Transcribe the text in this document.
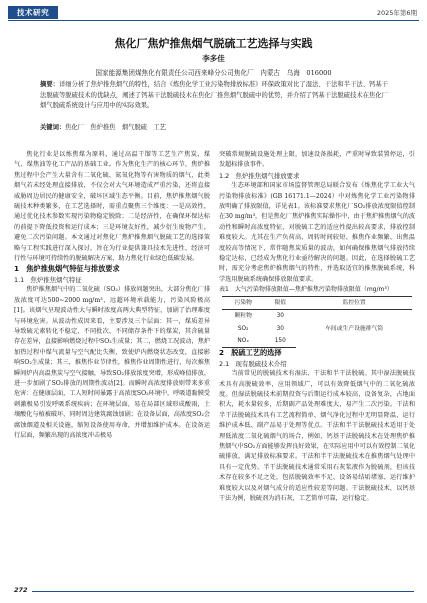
技术研究	2025年第6期
焦化厂焦炉推焦烟气脱硫工艺选择与实践
李多佳
国家能源集团煤焦化有限责任公司西来峰分公司焦化厂　内蒙古　乌海　016000
摘要：详细分析了焦炉推焦烟气的特性，结合《炼焦化学工业污染物排放标准》环保政策对比了湿法、干法和半干法、钙基干法脱硫等脱硫技术的优缺点，阐述了钙基干法脱硫技术在焦化厂推焦烟气脱硫中的优势，并介绍了钙基干法脱硫技术在焦化厂烟气脱硫系统设计与应用中的实际效果。
关键词：焦化厂　焦炉推焦　烟气脱硫　工艺

焦化行业是以炼焦煤为原料，通过高温干馏等工艺生产焦炭、煤气、煤焦油等化工产品的基础工业。作为焦化生产的核心环节，焦炉推焦过程中会产生大量含有二氧化硫、氮氧化物等有害物质的烟气，此类烟气若未经处理直接排放，不仅会对大气环境造成严重污染，还将直接威胁周边居民的健康安全，破坏区域生态平衡。目前，焦炉推焦烟气脱硫技术种类繁多，在工艺选择时，需重点聚焦三个维度：一是高效性，通过优化技术参数实现污染物稳定脱除；二是经济性，在确保环保达标的前提下降低投资和运行成本；三是环境友好性，减少衍生废物产生，避免二次污染问题。本文通过对焦化厂焦炉推焦烟气脱硫工艺的选择策略与工程实践进行深入探讨，旨在为行业提供兼具技术先进性、经济可行性与环境可持续性的脱硫解决方案，助力焦化行业绿色低碳发展。

1　焦炉推焦烟气特征与排放要求

1.1　焦炉推焦烟气特征

焦炉推焦烟气中的二氧化硫（SO₂）排放问题突出，大部分焦化厂排放浓度可达500~2000 mg/m³，远超环境承载能力，污染风险极高[1]。该烟气呈现波动性大与瞬时浓度高两大典型特征，加剧了治理难度与环境危害。从波动性成因来看，主要涉及三个层面：其一，煤质差异导致硫元素转化不稳定，不同批次、不同储存条件下的煤炭，其含硫量存在差异，直接影响燃烧过程中SO₂生成量；其二，燃烧工况波动，焦炉加热过程中煤气流量与空气配比失衡，致使炉内燃烧状态改变，直接影响SO₂生成量；其三，推焦作业节律性，推焦作业周期性进行，每次推焦瞬间炉内高温焦炭与空气接触，导致SO₂排放浓度突增，形成峰值排放，进一步加剧了SO₂排放的周期性波动[2]。而瞬时高浓度排放则带来多重危害：在健康层面，工人短时间暴露于高浓度SO₂环境中，呼吸道黏膜受刺激极易引发呼吸系统疾病；在环境层面，易在局部区域形成酸雨，土壤酸化与植被破坏，同时周边建筑腐蚀加剧；在设备层面，高浓度SO₂会腐蚀烟道及相关设施，缩短设备使用寿命，并增加维护成本。在设备运行层面，频繁出现的高浓度冲击极易

突破常规脱硫设施处理上限，加速设备损耗，严重时导致装置停运，引发超标排放事件。

1.2　焦炉推焦烟气排放要求

生态环境部和国家市场监督管理总局联合发布《炼焦化学工业大气污染物排放标准》(GB 16171.1—2024）中对炼焦化学工业污染物排放明确了排放限值，详见表1。该标准要求焦化厂SO₂排放浓度限值控制在30 mg/m³，但是焦化厂焦炉推焦实际操作中，由于焦炉推焦烟气的波动性和瞬时高浓度特征，对脱硫工艺的适应性提出较高要求，排放控制难度较大。尤其在生产负荷高、周转时间较短、推焦作业频繁、出焦温度较高等情况下，常伴随焦炭质量的波动，如何确保推焦烟气排放持续稳定达标，已经成为焦化行业亟待解决的问题。因此，在选择脱硫工艺时，需充分考虑焦炉推焦烟气的特性，并选取适宜的推焦脱硫系统，科学选用脱硫系统确保排放限值要求。

表1　大气污染物排放限值—焦炉推焦污染物排放限值（mg/m³）

污染物	限值	监控位置
颗粒物	30	车间或生产设施排气筒
SO₂	30	
NOₓ	150	

2　脱硫工艺的选择

2.1　现有脱硫技术介绍

当前常见的脱硫技术有湿法、干法和半干法脱硫。其中湿法脱硫技术具有高脱硫效率，应用领域广，可以有效降低烟气中的二氧化硫浓度。但湿法脱硫技术前期投资与后期运行成本较高，设备复杂，占地面积大，耗水量较多，后期副产品处理难度大，易产生二次污染。干法和半干法脱硫技术具有工艺流程简单、烟气净化过程中无明显降温、运行维护成本低、副产品易于处理等优点。干法和半干法脱硫技术适用于处理低浓度二氧化硫烟气的场合，例如，钙基干法脱硫技术在处理焦炉推焦烟气中SO₂方面能够发挥良好效果，在实际应用中可以有效控制二氧化硫排放，满足排放标准要求。干法和半干法脱硫技术在推焦烟气处理中具有一定优势。半干法脱硫技术通常采用石灰浆液作为脱硫剂，但该技术存在较多不足之处，包括脱硫效率不足、设备易结垢堵塞、运行维护难度较大以及对烟气成分的适应性较差等问题。干法脱硫技术，以钙基干法为例，脱硫剂为消石灰，工艺简单可靠，运行稳定。

272
